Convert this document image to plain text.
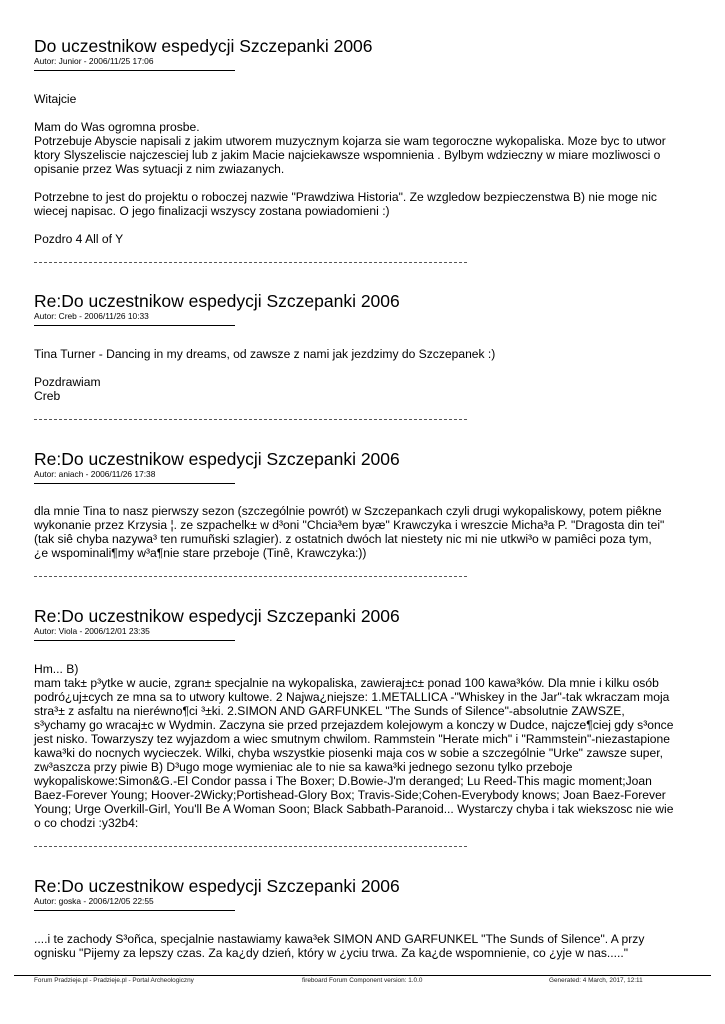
Do uczestnikow espedycji Szczepanki 2006
Autor: Junior - 2006/11/25 17:06

Witajcie

Mam do Was ogromna prosbe.

Potrzebuje Abyscie napisali z jakim utworem muzycznym kojarza sie wam tegoroczne wykopaliska. Moze byc to utwor

ktory Slyszeliscie najczesciej lub z jakim Macie najciekawsze wspomnienia . Bylbym wdzieczny w miare mozliwosci o

opisanie przez Was sytuacji z nim zwiazanych.

Potrzebne to jest do projektu o roboczej nazwie "Prawdziwa Historia". Ze wzgledow bezpieczenstwa B) nie moge nic

wiecej napisac. O jego finalizacji wszyscy zostana powiadomieni :)

Pozdro 4 All of Y

Re:Do uczestnikow espedycji Szczepanki 2006
Autor: Creb - 2006/11/26 10:33

Tina Turner - Dancing in my dreams, od zawsze z nami jak jezdzimy do Szczepanek :)

Pozdrawiam

Creb

Re:Do uczestnikow espedycji Szczepanki 2006
Autor: aniach - 2006/11/26 17:38

dla mnie Tina to nasz pierwszy sezon (szczególnie powrót) w Szczepankach czyli drugi wykopaliskowy, potem piêkne

wykonanie przez Krzysia ¦. ze szpachelk± w d³oni "Chcia³em byæ" Krawczyka i wreszcie Micha³a P. "Dragosta din tei"

(tak siê chyba nazywa³ ten rumuñski szlagier). z ostatnich dwóch lat niestety nic mi nie utkwi³o w pamiêci poza tym,

¿e wspominali¶my w³a¶nie stare przeboje (Tinê, Krawczyka:))

Re:Do uczestnikow espedycji Szczepanki 2006
Autor: Viola - 2006/12/01 23:35

Hm... B)

mam tak± p³ytke w aucie, zgran± specjalnie na wykopaliska, zawieraj±c± ponad 100 kawa³ków. Dla mnie i kilku osób

podró¿uj±cych ze mna sa to utwory kultowe. 2 Najwa¿niejsze: 1.METALLICA -"Whiskey in the Jar"-tak wkraczam moja

stra³± z asfaltu na nieréwno¶ci ³±ki. 2.SIMON AND GARFUNKEL "The Sunds of Silence"-absolutnie ZAWSZE,

s³ychamy go wracaj±c w Wydmin. Zaczyna sie przed przejazdem kolejowym a konczy w Dudce, najcze¶ciej gdy s³once

jest nisko. Towarzyszy tez wyjazdom a wiec smutnym chwilom. Rammstein "Herate mich" i "Rammstein"-niezastapione

kawa³ki do nocnych wycieczek. Wilki, chyba wszystkie piosenki maja cos w sobie a szczególnie "Urke" zawsze super,

zw³aszcza przy piwie B) D³ugo moge wymieniac ale to nie sa kawa³ki jednego sezonu tylko przeboje

wykopaliskowe:Simon&G.-El Condor passa i The Boxer; D.Bowie-J'm deranged; Lu Reed-This magic moment;Joan

Baez-Forever Young; Hoover-2Wicky;Portishead-Glory Box; Travis-Side;Cohen-Everybody knows; Joan Baez-Forever

Young; Urge Overkill-Girl, You'll Be A Woman Soon; Black Sabbath-Paranoid... Wystarczy chyba i tak wiekszosc nie wie

o co chodzi :y32b4:

Re:Do uczestnikow espedycji Szczepanki 2006
Autor: goska - 2006/12/05 22:55

....i te zachody S³oñca, specjalnie nastawiamy kawa³ek SIMON AND GARFUNKEL "The Sunds of Silence". A przy

ognisku "Pijemy za lepszy czas. Za ka¿dy dzień, który w ¿yciu trwa. Za ka¿de wspomnienie, co ¿yje w nas....."

Forum Pradzieje.pl - Pradzieje.pl - Portal Archeologiczny	fireboard Forum Component version: 1.0.0	Generated: 4 March, 2017, 12:11
